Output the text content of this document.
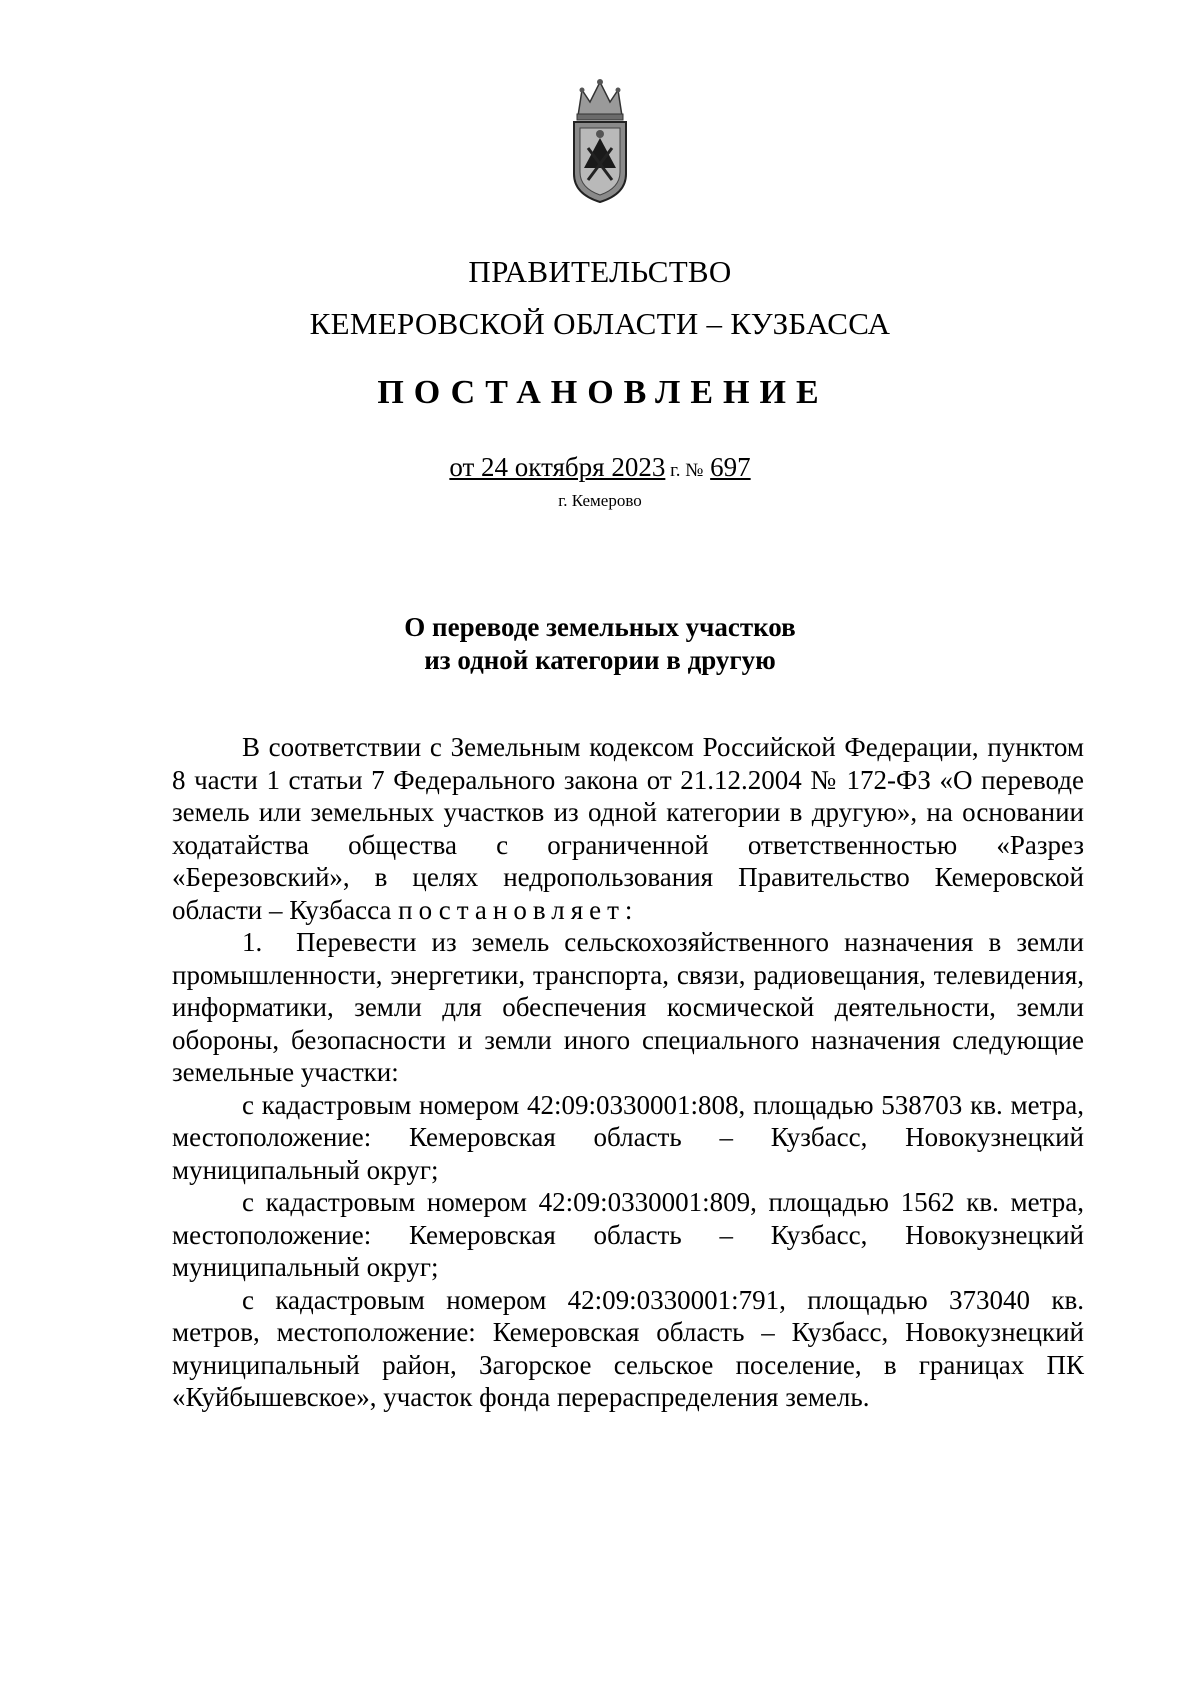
ПРАВИТЕЛЬСТВО
КЕМЕРОВСКОЙ ОБЛАСТИ – КУЗБАССА
ПОСТАНОВЛЕНИЕ
от 24 октября 2023 г. № 697
г. Кемерово
О переводе земельных участков
из одной категории в другую

В соответствии с Земельным кодексом Российской Федерации, пунктом 8 части 1 статьи 7 Федерального закона от 21.12.2004 № 172-ФЗ «О переводе земель или земельных участков из одной категории в другую», на основании ходатайства общества с ограниченной ответственностью «Разрез «Березовский», в целях недропользования Правительство Кемеровской области – Кузбасса постановляет:

1. Перевести из земель сельскохозяйственного назначения в земли промышленности, энергетики, транспорта, связи, радиовещания, телевидения, информатики, земли для обеспечения космической деятельности, земли обороны, безопасности и земли иного специального назначения следующие земельные участки:

с кадастровым номером 42:09:0330001:808, площадью 538703 кв. метра, местоположение: Кемеровская область – Кузбасс, Новокузнецкий муниципальный округ;

с кадастровым номером 42:09:0330001:809, площадью 1562 кв. метра, местоположение: Кемеровская область – Кузбасс, Новокузнецкий муниципальный округ;

с кадастровым номером 42:09:0330001:791, площадью 373040 кв. метров, местоположение: Кемеровская область – Кузбасс, Новокузнецкий муниципальный район, Загорское сельское поселение, в границах ПК «Куйбышевское», участок фонда перераспределения земель.
